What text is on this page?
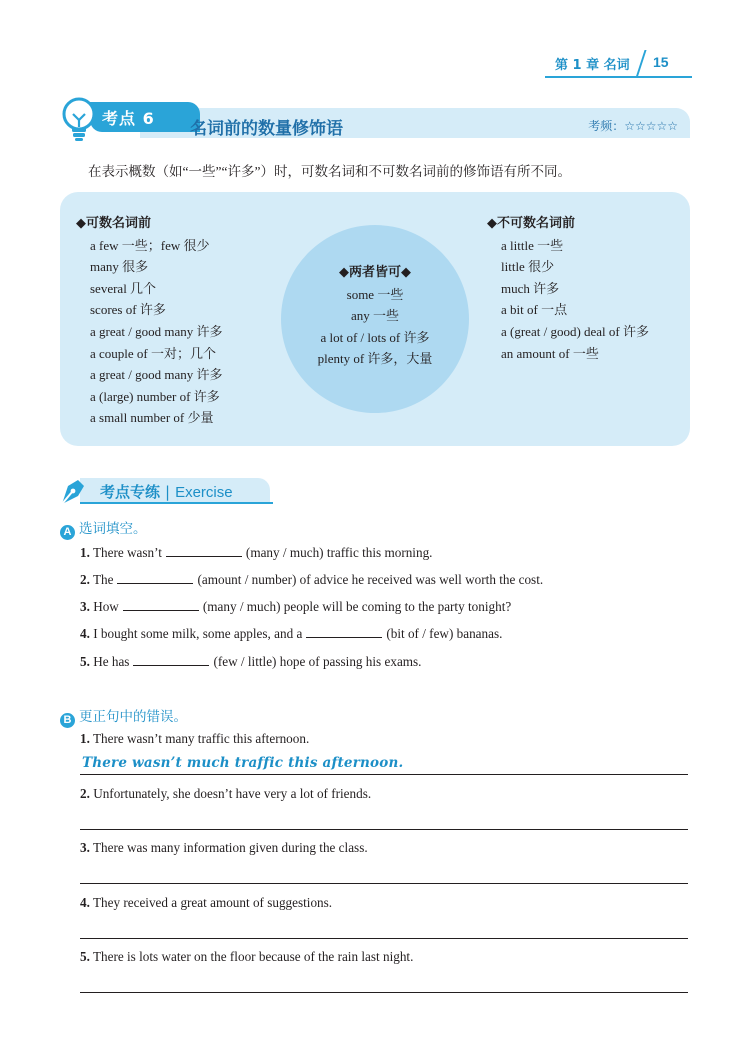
第 1 章 名词 15
考点 6
名词前的数量修饰语	考频：☆☆☆☆☆
在表示概数（如“一些”“许多”）时，可数名词和不可数名词前的修饰语有所不同。
◆可数名词前
a few 一些；few 很少
many 很多
several 几个
scores of 许多
a great / good many 许多
a couple of 一对；几个
a great / good many 许多
a (large) number of 许多
a small number of 少量
◆两者皆可◆
some 一些
any 一些
a lot of / lots of 许多
plenty of 许多，大量
◆不可数名词前
a little 一些
little 很少
much 许多
a bit of 一点
a (great / good) deal of 许多
an amount of 一些
考点专练 | Exercise
A 选词填空。
1. There wasn’t	(many / much) traffic this morning.
2. The	(amount / number) of advice he received was well worth the cost.
3. How	(many / much) people will be coming to the party tonight?
4. I bought some milk, some apples, and a	(bit of / few) bananas.
5. He has	(few / little) hope of passing his exams.
B 更正句中的错误。
1. There wasn’t many traffic this afternoon.
There wasn’t much traffic this afternoon.
2. Unfortunately, she doesn’t have very a lot of friends.
3. There was many information given during the class.
4. They received a great amount of suggestions.
5. There is lots water on the floor because of the rain last night.
